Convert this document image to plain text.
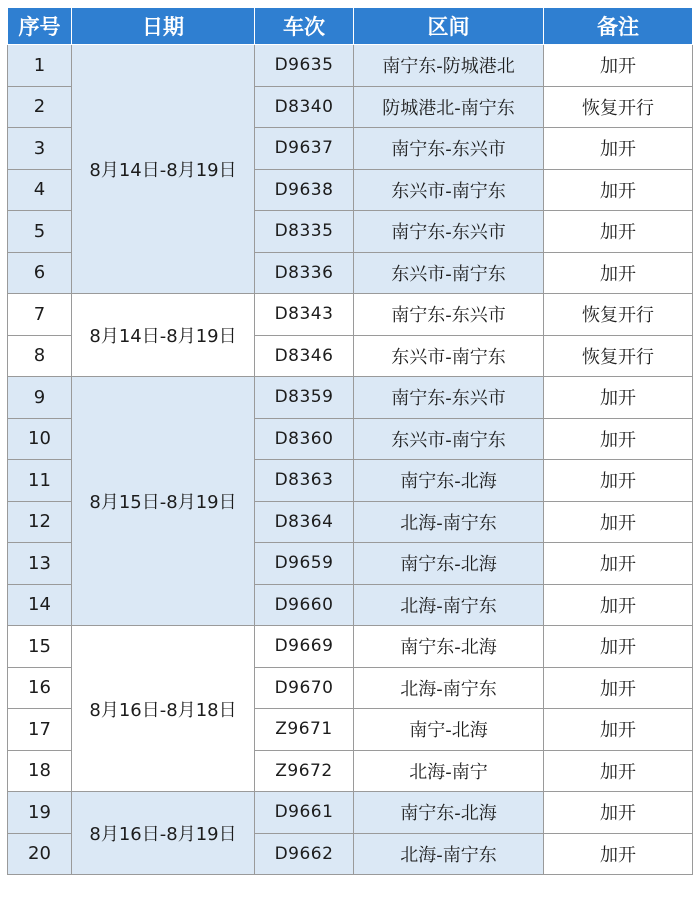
序号	日期	车次	区间	备注
1	8月14日-8月19日	D9635	南宁东-防城港北	加开
2		D8340	防城港北-南宁东	恢复开行
3		D9637	南宁东-东兴市	加开
4		D9638	东兴市-南宁东	加开
5		D8335	南宁东-东兴市	加开
6		D8336	东兴市-南宁东	加开
7	8月14日-8月19日	D8343	南宁东-东兴市	恢复开行
8		D8346	东兴市-南宁东	恢复开行
9	8月15日-8月19日	D8359	南宁东-东兴市	加开
10		D8360	东兴市-南宁东	加开
11		D8363	南宁东-北海	加开
12		D8364	北海-南宁东	加开
13		D9659	南宁东-北海	加开
14		D9660	北海-南宁东	加开
15	8月16日-8月18日	D9669	南宁东-北海	加开
16		D9670	北海-南宁东	加开
17		Z9671	南宁-北海	加开
18		Z9672	北海-南宁	加开
19	8月16日-8月19日	D9661	南宁东-北海	加开
20		D9662	北海-南宁东	加开
